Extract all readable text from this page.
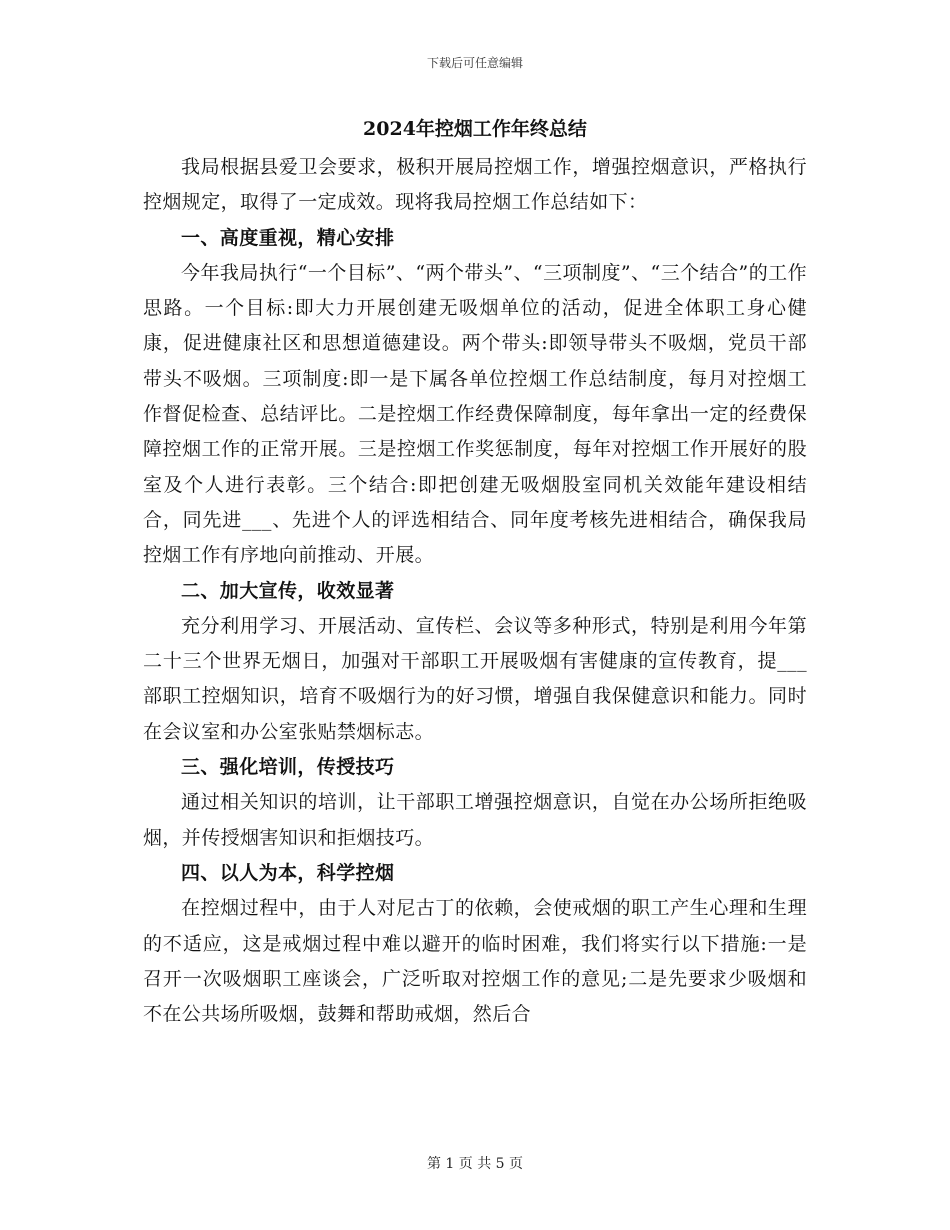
下载后可任意编辑
2024年控烟工作年终总结

我局根据县爱卫会要求，极积开展局控烟工作，增强控烟意识，严格执行控烟规定，取得了一定成效。现将我局控烟工作总结如下：

一、高度重视，精心安排

今年我局执行“一个目标”、“两个带头”、“三项制度”、“三个结合”的工作思路。一个目标:即大力开展创建无吸烟单位的活动，促进全体职工身心健康，促进健康社区和思想道德建设。两个带头:即领导带头不吸烟，党员干部带头不吸烟。三项制度:即一是下属各单位控烟工作总结制度，每月对控烟工作督促检查、总结评比。二是控烟工作经费保障制度，每年拿出一定的经费保障控烟工作的正常开展。三是控烟工作奖惩制度，每年对控烟工作开展好的股室及个人进行表彰。三个结合:即把创建无吸烟股室同机关效能年建设相结合，同先进___、先进个人的评选相结合、同年度考核先进相结合，确保我局控烟工作有序地向前推动、开展。

二、加大宣传，收效显著

充分利用学习、开展活动、宣传栏、会议等多种形式，特别是利用今年第二十三个世界无烟日，加强对干部职工开展吸烟有害健康的宣传教育，提___部职工控烟知识，培育不吸烟行为的好习惯，增强自我保健意识和能力。同时在会议室和办公室张贴禁烟标志。

三、强化培训，传授技巧

通过相关知识的培训，让干部职工增强控烟意识，自觉在办公场所拒绝吸烟，并传授烟害知识和拒烟技巧。

四、以人为本，科学控烟

在控烟过程中，由于人对尼古丁的依赖，会使戒烟的职工产生心理和生理的不适应，这是戒烟过程中难以避开的临时困难，我们将实行以下措施:一是召开一次吸烟职工座谈会，广泛听取对控烟工作的意见;二是先要求少吸烟和不在公共场所吸烟，鼓舞和帮助戒烟，然后合

第 1 页 共 5 页
